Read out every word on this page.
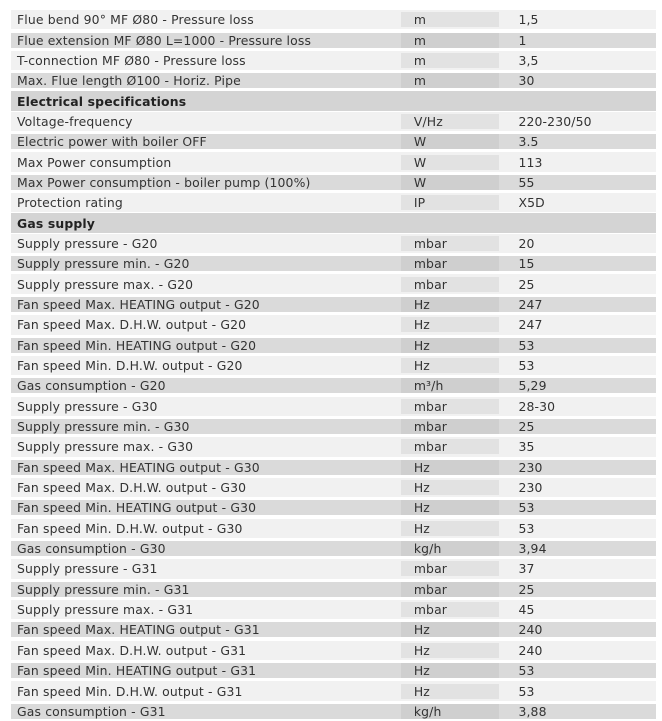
Flue bend 90° MF Ø80 - Pressure loss	m	1,5
Flue extension MF Ø80 L=1000 - Pressure loss	m	1
T-connection MF Ø80 - Pressure loss	m	3,5
Max. Flue length Ø100 - Horiz. Pipe	m	30
Electrical specifications
Voltage-frequency	V/Hz	220-230/50
Electric power with boiler OFF	W	3.5
Max Power consumption	W	113
Max Power consumption - boiler pump (100%)	W	55
Protection rating	IP	X5D
Gas supply
Supply pressure - G20	mbar	20
Supply pressure min. - G20	mbar	15
Supply pressure max. - G20	mbar	25
Fan speed Max. HEATING output - G20	Hz	247
Fan speed Max. D.H.W. output - G20	Hz	247
Fan speed Min. HEATING output - G20	Hz	53
Fan speed Min. D.H.W. output - G20	Hz	53
Gas consumption - G20	m³/h	5,29
Supply pressure - G30	mbar	28-30
Supply pressure min. - G30	mbar	25
Supply pressure max. - G30	mbar	35
Fan speed Max. HEATING output - G30	Hz	230
Fan speed Max. D.H.W. output - G30	Hz	230
Fan speed Min. HEATING output - G30	Hz	53
Fan speed Min. D.H.W. output - G30	Hz	53
Gas consumption - G30	kg/h	3,94
Supply pressure - G31	mbar	37
Supply pressure min. - G31	mbar	25
Supply pressure max. - G31	mbar	45
Fan speed Max. HEATING output - G31	Hz	240
Fan speed Max. D.H.W. output - G31	Hz	240
Fan speed Min. HEATING output - G31	Hz	53
Fan speed Min. D.H.W. output - G31	Hz	53
Gas consumption - G31	kg/h	3,88
